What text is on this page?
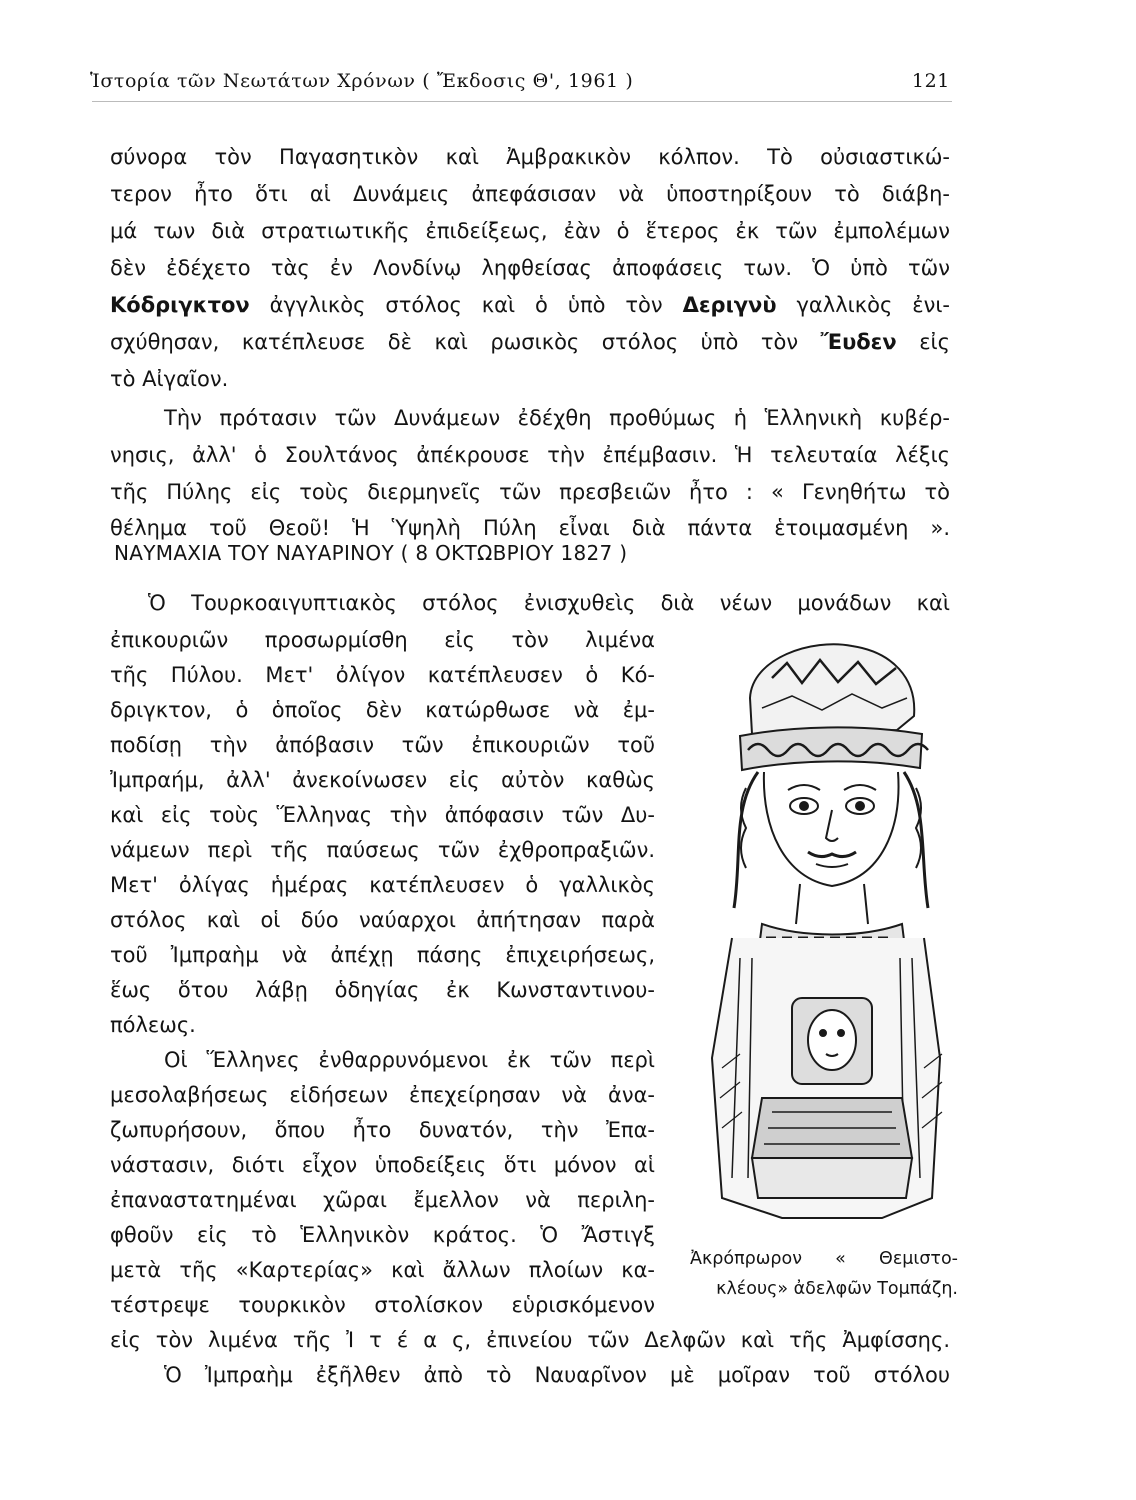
Ἱστορία τῶν Νεωτάτων Χρόνων ( Ἔκδοσις Θ', 1961 )	121
σύνορα τὸν Παγασητικὸν καὶ Ἀμβρακικὸν κόλπον. Τὸ οὐσιαστικώ-
τερον ἦτο ὅτι αἱ Δυνάμεις ἀπεφάσισαν νὰ ὑποστηρίξουν τὸ διάβη-
μά των διὰ στρατιωτικῆς ἐπιδείξεως, ἐὰν ὁ ἕτερος ἐκ τῶν ἐμπολέμων
δὲν ἐδέχετο τὰς ἐν Λονδίνῳ ληφθείσας ἀποφάσεις των. Ὁ ὑπὸ τῶν
Κόδριγκτον ἀγγλικὸς στόλος καὶ ὁ ὑπὸ τὸν Δεριγνὺ γαλλικὸς ἐνι-
σχύθησαν, κατέπλευσε δὲ καὶ ρωσικὸς στόλος ὑπὸ τὸν Ἔυδεν εἰς
τὸ Αἰγαῖον.
Τὴν πρότασιν τῶν Δυνάμεων ἐδέχθη προθύμως ἡ Ἑλληνικὴ κυβέρ-
νησις, ἀλλ' ὁ Σουλτάνος ἀπέκρουσε τὴν ἐπέμβασιν. Ἡ τελευταία λέξις
τῆς Πύλης εἰς τοὺς διερμηνεῖς τῶν πρεσβειῶν ἦτο : « Γενηθήτω τὸ
θέλημα τοῦ Θεοῦ! Ἡ Ὑψηλὴ Πύλη εἶναι διὰ πάντα ἑτοιμασμένη ».
ΝΑΥΜΑΧΙΑ ΤΟΥ ΝΑΥΑΡΙΝΟΥ ( 8 ΟΚΤΩΒΡΙΟΥ 1827 )
Ὁ Τουρκοαιγυπτιακὸς στόλος ἐνισχυθεὶς διὰ νέων μονάδων καὶ
ἐπικουριῶν προσωρμίσθη εἰς τὸν λιμένα
τῆς Πύλου. Μετ' ὀλίγον κατέπλευσεν ὁ Κό-
δριγκτον, ὁ ὁποῖος δὲν κατώρθωσε νὰ ἐμ-
ποδίσῃ τὴν ἀπόβασιν τῶν ἐπικουριῶν τοῦ
Ἰμπραήμ, ἀλλ' ἀνεκοίνωσεν εἰς αὐτὸν καθὼς
καὶ εἰς τοὺς Ἕλληνας τὴν ἀπόφασιν τῶν Δυ-
νάμεων περὶ τῆς παύσεως τῶν ἐχθροπραξιῶν.
Μετ' ὀλίγας ἡμέρας κατέπλευσεν ὁ γαλλικὸς
στόλος καὶ οἱ δύο ναύαρχοι ἀπήτησαν παρὰ
τοῦ Ἰμπραὴμ νὰ ἀπέχῃ πάσης ἐπιχειρήσεως,
ἕως ὅτου λάβῃ ὁδηγίας ἐκ Κωνσταντινου-
πόλεως.
Οἱ Ἕλληνες ἐνθαρρυνόμενοι ἐκ τῶν περὶ
μεσολαβήσεως εἰδήσεων ἐπεχείρησαν νὰ ἀνα-
ζωπυρήσουν, ὅπου ἦτο δυνατόν, τὴν Ἐπα-
νάστασιν, διότι εἶχον ὑποδείξεις ὅτι μόνον αἱ
ἐπαναστατημέναι χῶραι ἔμελλον νὰ περιλη-
φθοῦν εἰς τὸ Ἑλληνικὸν κράτος. Ὁ Ἄστιγξ
μετὰ τῆς «Καρτερίας» καὶ ἄλλων πλοίων κα-
τέστρεψε τουρκικὸν στολίσκον εὑρισκόμενον
εἰς τὸν λιμένα τῆς Ἰ τ έ α ς, ἐπινείου τῶν Δελφῶν καὶ τῆς Ἀμφίσσης.
Ὁ Ἰμπραὴμ ἐξῆλθεν ἀπὸ τὸ Ναυαρῖνον μὲ μοῖραν τοῦ στόλου
Ἀκρόπρωρον « Θεμιστο-
κλέους» ἀδελφῶν Τομπάζη.
